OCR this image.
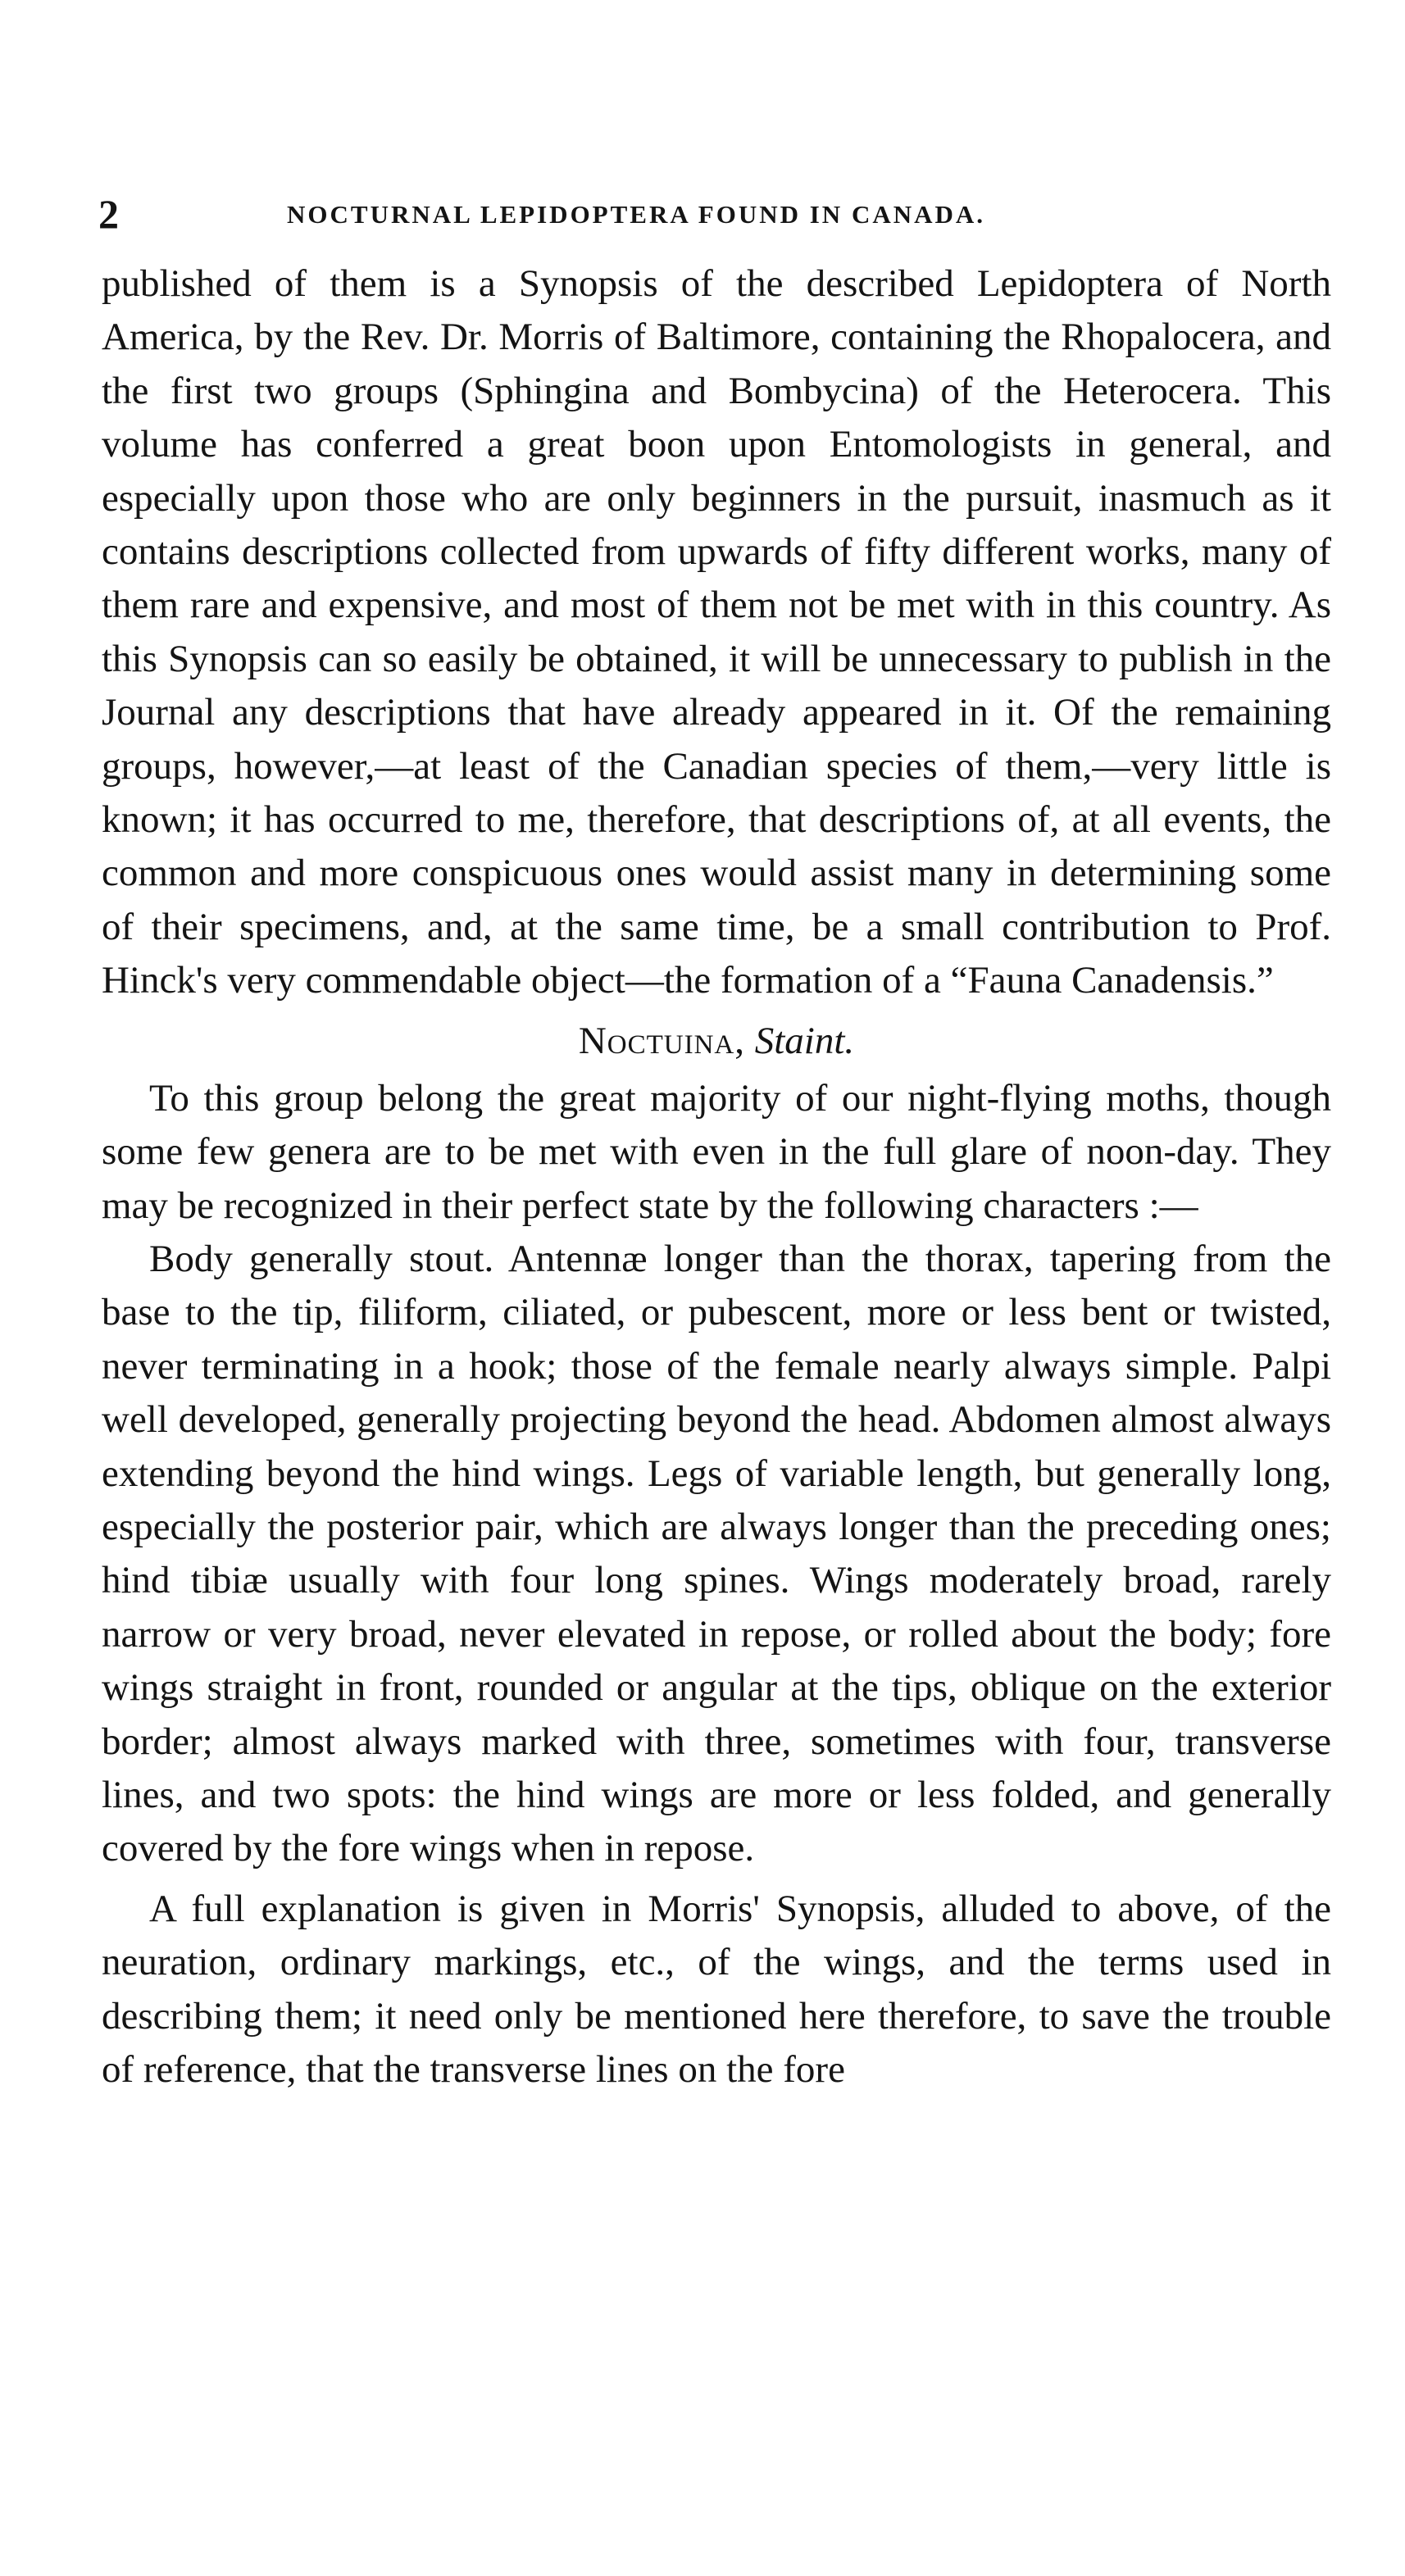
2	NOCTURNAL LEPIDOPTERA FOUND IN CANADA.

published of them is a Synopsis of the described Lepidoptera of North America, by the Rev. Dr. Morris of Baltimore, containing the Rhopalocera, and the first two groups (Sphingina and Bombycina) of the Heterocera. This volume has conferred a great boon upon Entomologists in general, and especially upon those who are only beginners in the pursuit, inasmuch as it contains descriptions collected from upwards of fifty different works, many of them rare and expensive, and most of them not be met with in this country. As this Synopsis can so easily be obtained, it will be unnecessary to publish in the Journal any descriptions that have already appeared in it. Of the remaining groups, however,—at least of the Canadian species of them,—very little is known; it has occurred to me, therefore, that descriptions of, at all events, the common and more conspicuous ones would assist many in determining some of their specimens, and, at the same time, be a small contribution to Prof. Hinck's very commendable object—the formation of a “Fauna Canadensis.”

Noctuina, Staint.

To this group belong the great majority of our night-flying moths, though some few genera are to be met with even in the full glare of noon-day. They may be recognized in their perfect state by the following characters :—

Body generally stout. Antennæ longer than the thorax, tapering from the base to the tip, filiform, ciliated, or pubescent, more or less bent or twisted, never terminating in a hook; those of the female nearly always simple. Palpi well developed, generally projecting beyond the head. Abdomen almost always extending beyond the hind wings. Legs of variable length, but generally long, especially the posterior pair, which are always longer than the preceding ones; hind tibiæ usually with four long spines. Wings moderately broad, rarely narrow or very broad, never elevated in repose, or rolled about the body; fore wings straight in front, rounded or angular at the tips, oblique on the exterior border; almost always marked with three, sometimes with four, transverse lines, and two spots: the hind wings are more or less folded, and generally covered by the fore wings when in repose.

A full explanation is given in Morris' Synopsis, alluded to above, of the neuration, ordinary markings, etc., of the wings, and the terms used in describing them; it need only be mentioned here therefore, to save the trouble of reference, that the transverse lines on the fore
